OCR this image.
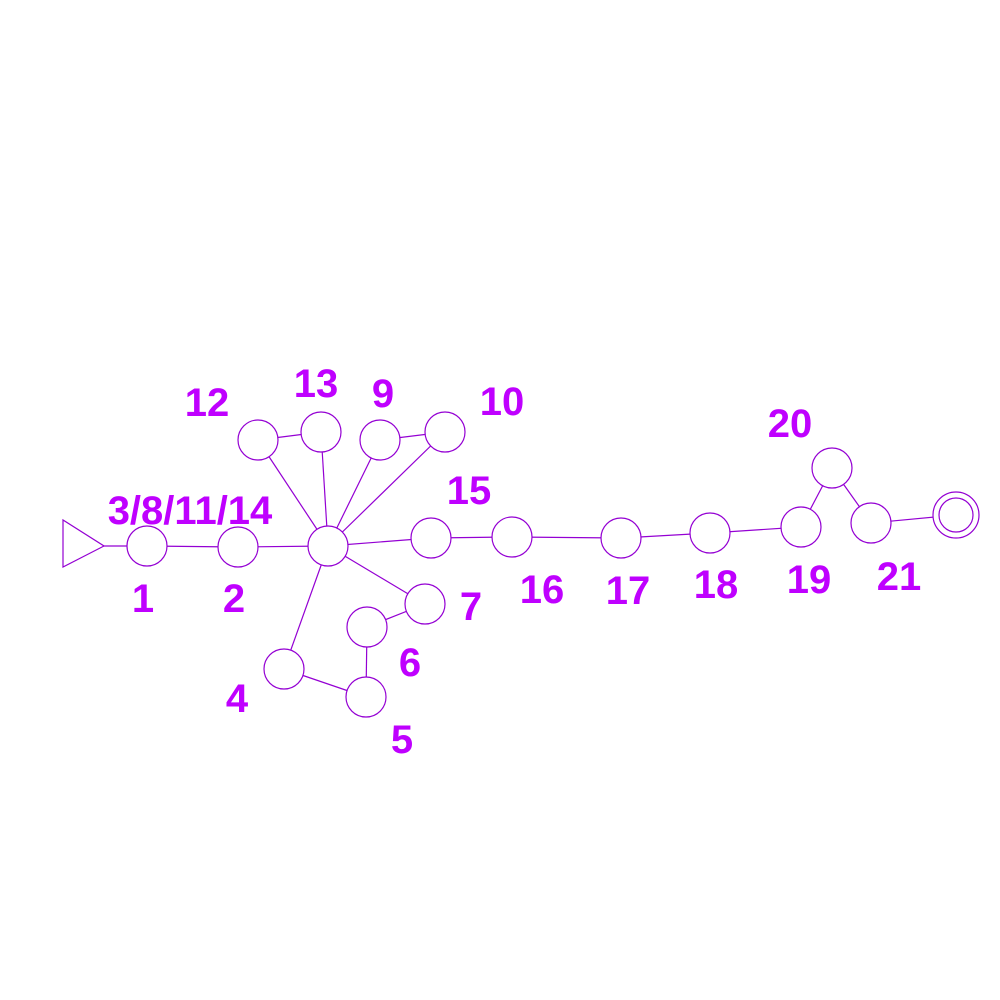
1 2
3/8/11/14
4
5
6
7
9 10
12 13
15
16 17 18 19
20
21
